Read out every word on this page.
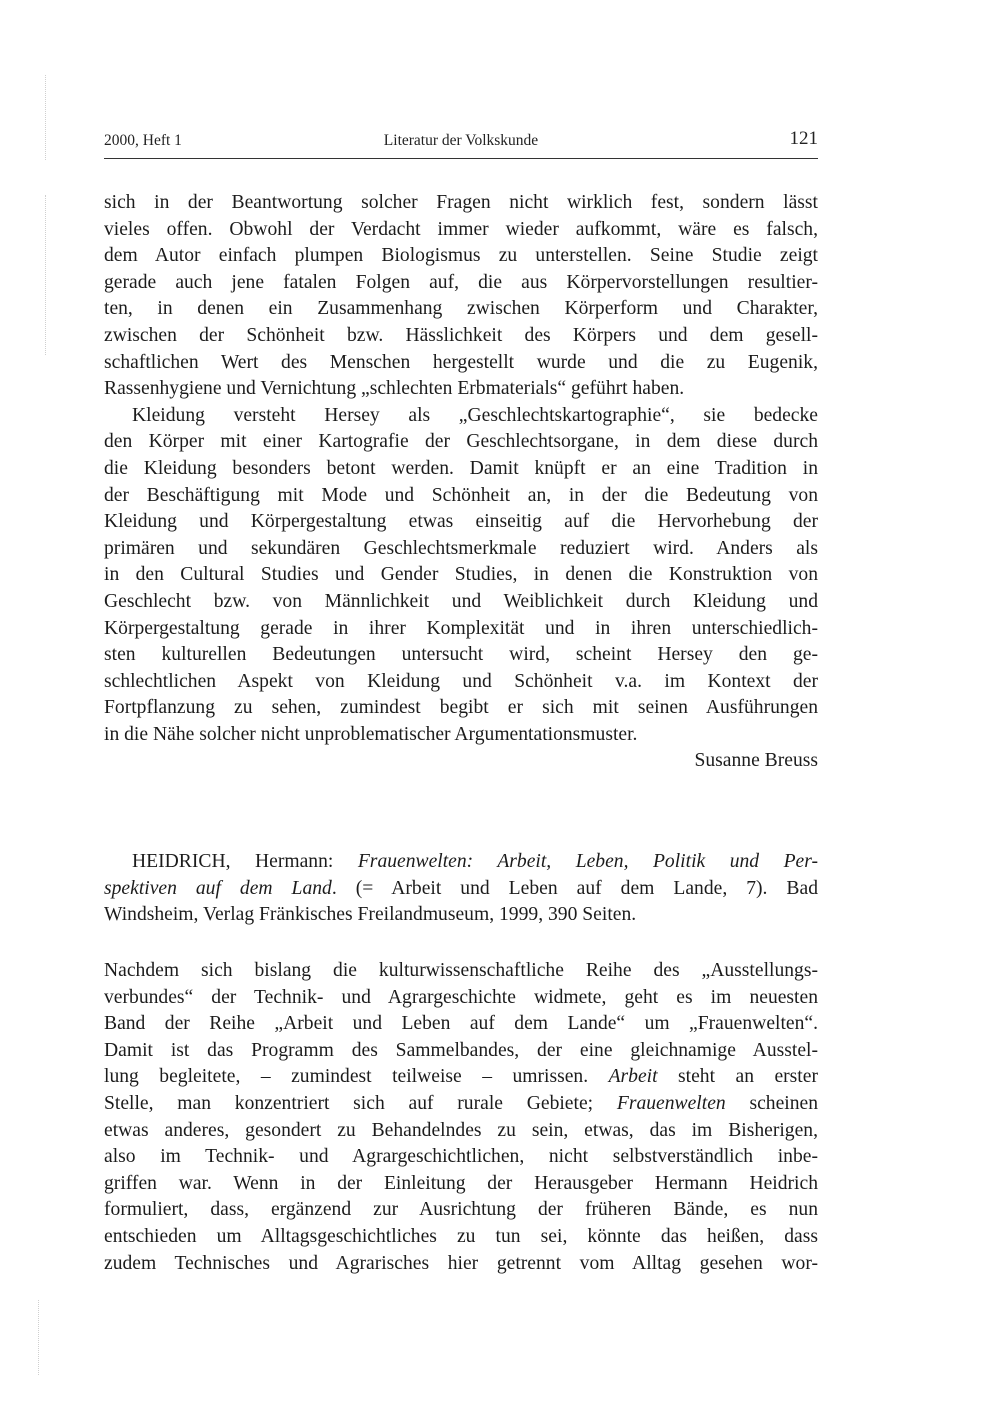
2000, Heft 1	Literatur der Volkskunde	121

sich in der Beantwortung solcher Fragen nicht wirklich fest, sondern lässt
vieles offen. Obwohl der Verdacht immer wieder aufkommt, wäre es falsch,
dem Autor einfach plumpen Biologismus zu unterstellen. Seine Studie zeigt
gerade auch jene fatalen Folgen auf, die aus Körpervorstellungen resultier-
ten, in denen ein Zusammenhang zwischen Körperform und Charakter,
zwischen der Schönheit bzw. Hässlichkeit des Körpers und dem gesell-
schaftlichen Wert des Menschen hergestellt wurde und die zu Eugenik,
Rassenhygiene und Vernichtung „schlechten Erbmaterials“ geführt haben.

Kleidung versteht Hersey als „Geschlechtskartographie“, sie bedecke
den Körper mit einer Kartografie der Geschlechtsorgane, in dem diese durch
die Kleidung besonders betont werden. Damit knüpft er an eine Tradition in
der Beschäftigung mit Mode und Schönheit an, in der die Bedeutung von
Kleidung und Körpergestaltung etwas einseitig auf die Hervorhebung der
primären und sekundären Geschlechtsmerkmale reduziert wird. Anders als
in den Cultural Studies und Gender Studies, in denen die Konstruktion von
Geschlecht bzw. von Männlichkeit und Weiblichkeit durch Kleidung und
Körpergestaltung gerade in ihrer Komplexität und in ihren unterschiedlich-
sten kulturellen Bedeutungen untersucht wird, scheint Hersey den ge-
schlechtlichen Aspekt von Kleidung und Schönheit v.a. im Kontext der
Fortpflanzung zu sehen, zumindest begibt er sich mit seinen Ausführungen
in die Nähe solcher nicht unproblematischer Argumentationsmuster.

Susanne Breuss

HEIDRICH, Hermann: Frauenwelten: Arbeit, Leben, Politik und Per-
spektiven auf dem Land. (= Arbeit und Leben auf dem Lande, 7). Bad
Windsheim, Verlag Fränkisches Freilandmuseum, 1999, 390 Seiten.
Nachdem sich bislang die kulturwissenschaftliche Reihe des „Ausstellungs-
verbundes“ der Technik- und Agrargeschichte widmete, geht es im neuesten
Band der Reihe „Arbeit und Leben auf dem Lande“ um „Frauenwelten“.
Damit ist das Programm des Sammelbandes, der eine gleichnamige Ausstel-
lung begleitete, – zumindest teilweise – umrissen. Arbeit steht an erster
Stelle, man konzentriert sich auf rurale Gebiete; Frauenwelten scheinen
etwas anderes, gesondert zu Behandelndes zu sein, etwas, das im Bisherigen,
also im Technik- und Agrargeschichtlichen, nicht selbstverständlich inbe-
griffen war. Wenn in der Einleitung der Herausgeber Hermann Heidrich
formuliert, dass, ergänzend zur Ausrichtung der früheren Bände, es nun
entschieden um Alltagsgeschichtliches zu tun sei, könnte das heißen, dass
zudem Technisches und Agrarisches hier getrennt vom Alltag gesehen wor-
